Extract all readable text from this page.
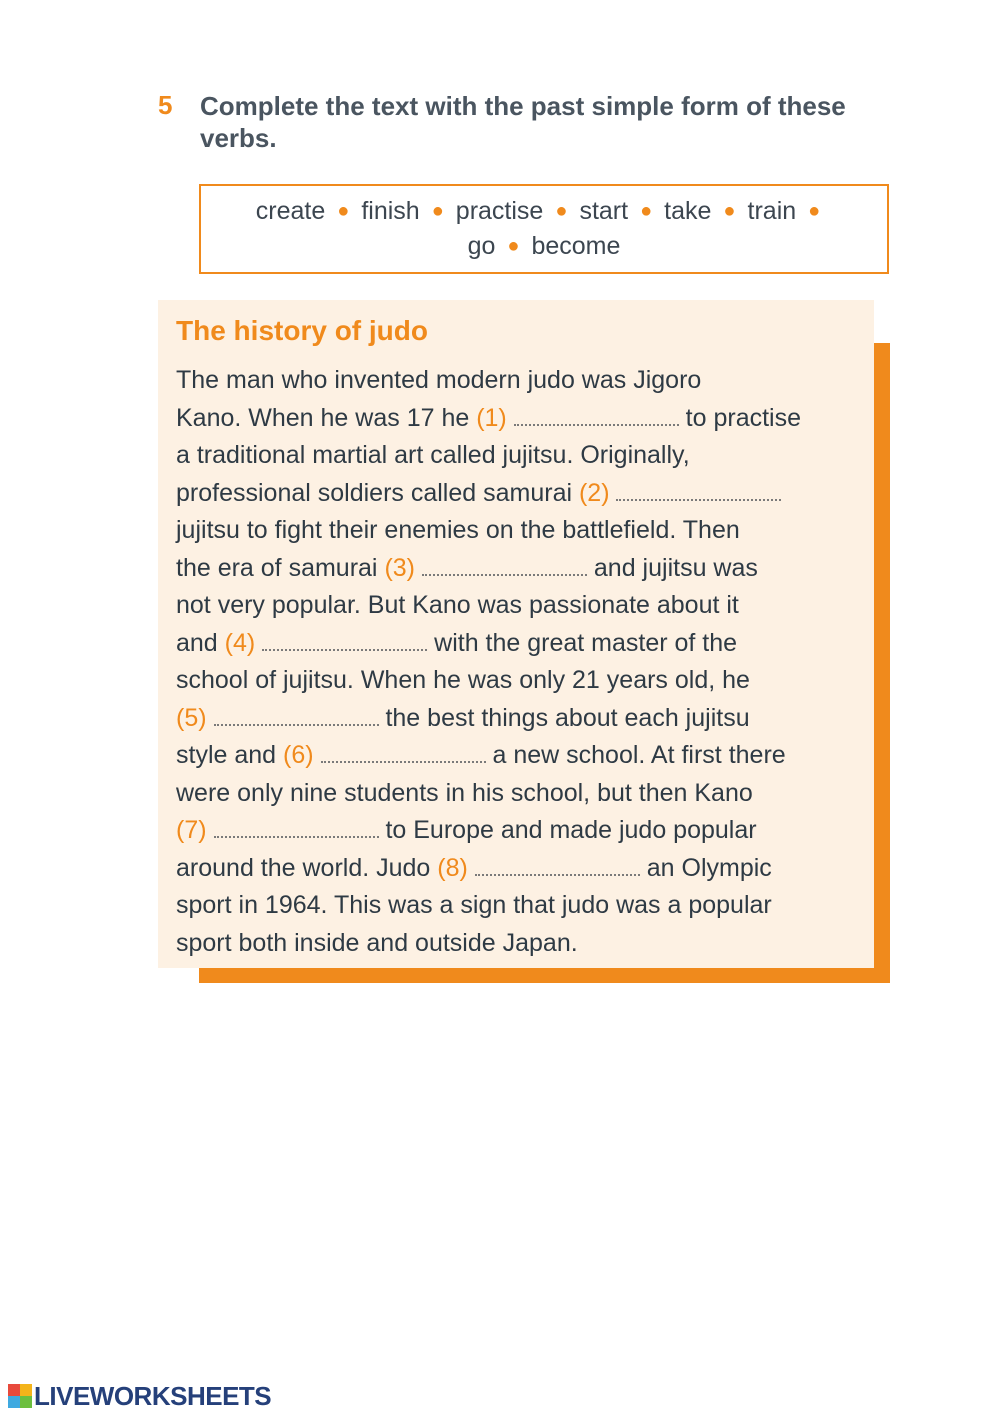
5 Complete the text with the past simple form of these verbs.
create ● finish ● practise ● start ● take ● train ●
go ● become
The history of judo
The man who invented modern judo was Jigoro
Kano. When he was 17 he (1)	to practise
a traditional martial art called jujitsu. Originally,
professional soldiers called samurai (2)
jujitsu to fight their enemies on the battlefield. Then
the era of samurai (3)	and jujitsu was
not very popular. But Kano was passionate about it
and (4)	with the great master of the
school of jujitsu. When he was only 21 years old, he
(5)	the best things about each jujitsu
style and (6)	a new school. At first there
were only nine students in his school, but then Kano
(7)	to Europe and made judo popular
around the world. Judo (8)	an Olympic
sport in 1964. This was a sign that judo was a popular
sport both inside and outside Japan.
LIVEWORKSHEETS
